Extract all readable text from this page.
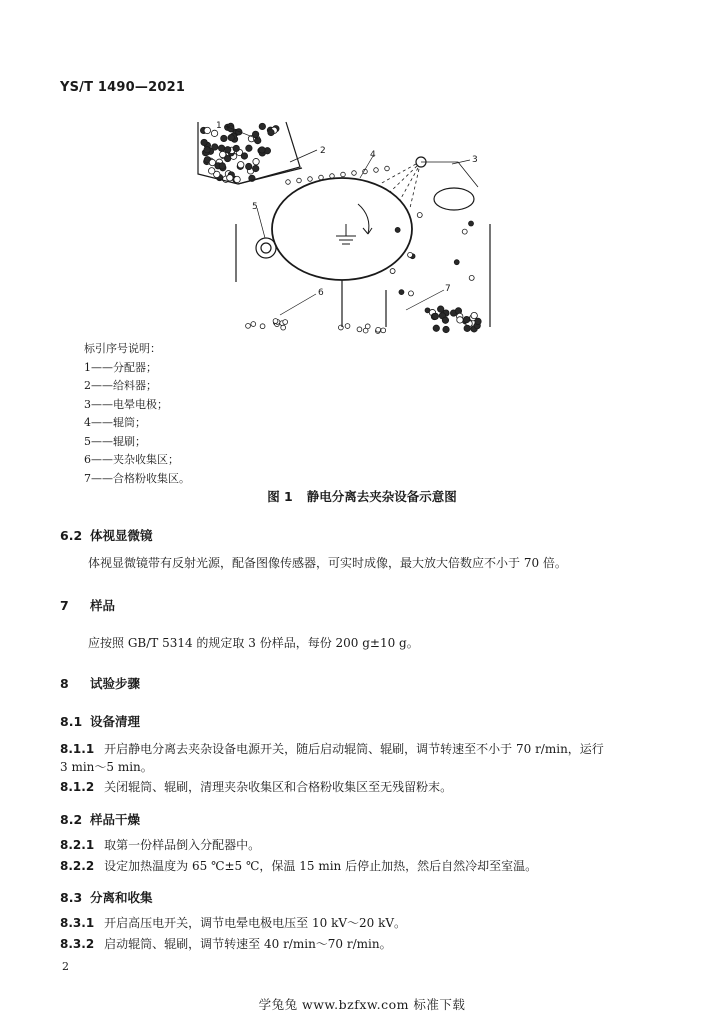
YS/T 1490—2021
1
2
3
4
5
6	7
标引序号说明：
1——分配器；
2——给料器；
3——电晕电极；
4——辊筒；
5——辊刷；
6——夹杂收集区；
7——合格粉收集区。
图 1 静电分离去夹杂设备示意图
6.2 体视显微镜
体视显微镜带有反射光源，配备图像传感器，可实时成像，最大放大倍数应不小于 70 倍。
7 样品
应按照 GB/T 5314 的规定取 3 份样品，每份 200 g±10 g。
8 试验步骤
8.1 设备清理
8.1.1 开启静电分离去夹杂设备电源开关，随后启动辊筒、辊刷，调节转速至不小于 70 r/min，运行
3 min～5 min。
8.1.2 关闭辊筒、辊刷，清理夹杂收集区和合格粉收集区至无残留粉末。
8.2 样品干燥
8.2.1 取第一份样品倒入分配器中。
8.2.2 设定加热温度为 65 ℃±5 ℃，保温 15 min 后停止加热，然后自然冷却至室温。
8.3 分离和收集
8.3.1 开启高压电开关，调节电晕电极电压至 10 kV～20 kV。
8.3.2 启动辊筒、辊刷，调节转速至 40 r/min～70 r/min。
2
学兔兔 www.bzfxw.com 标准下载
